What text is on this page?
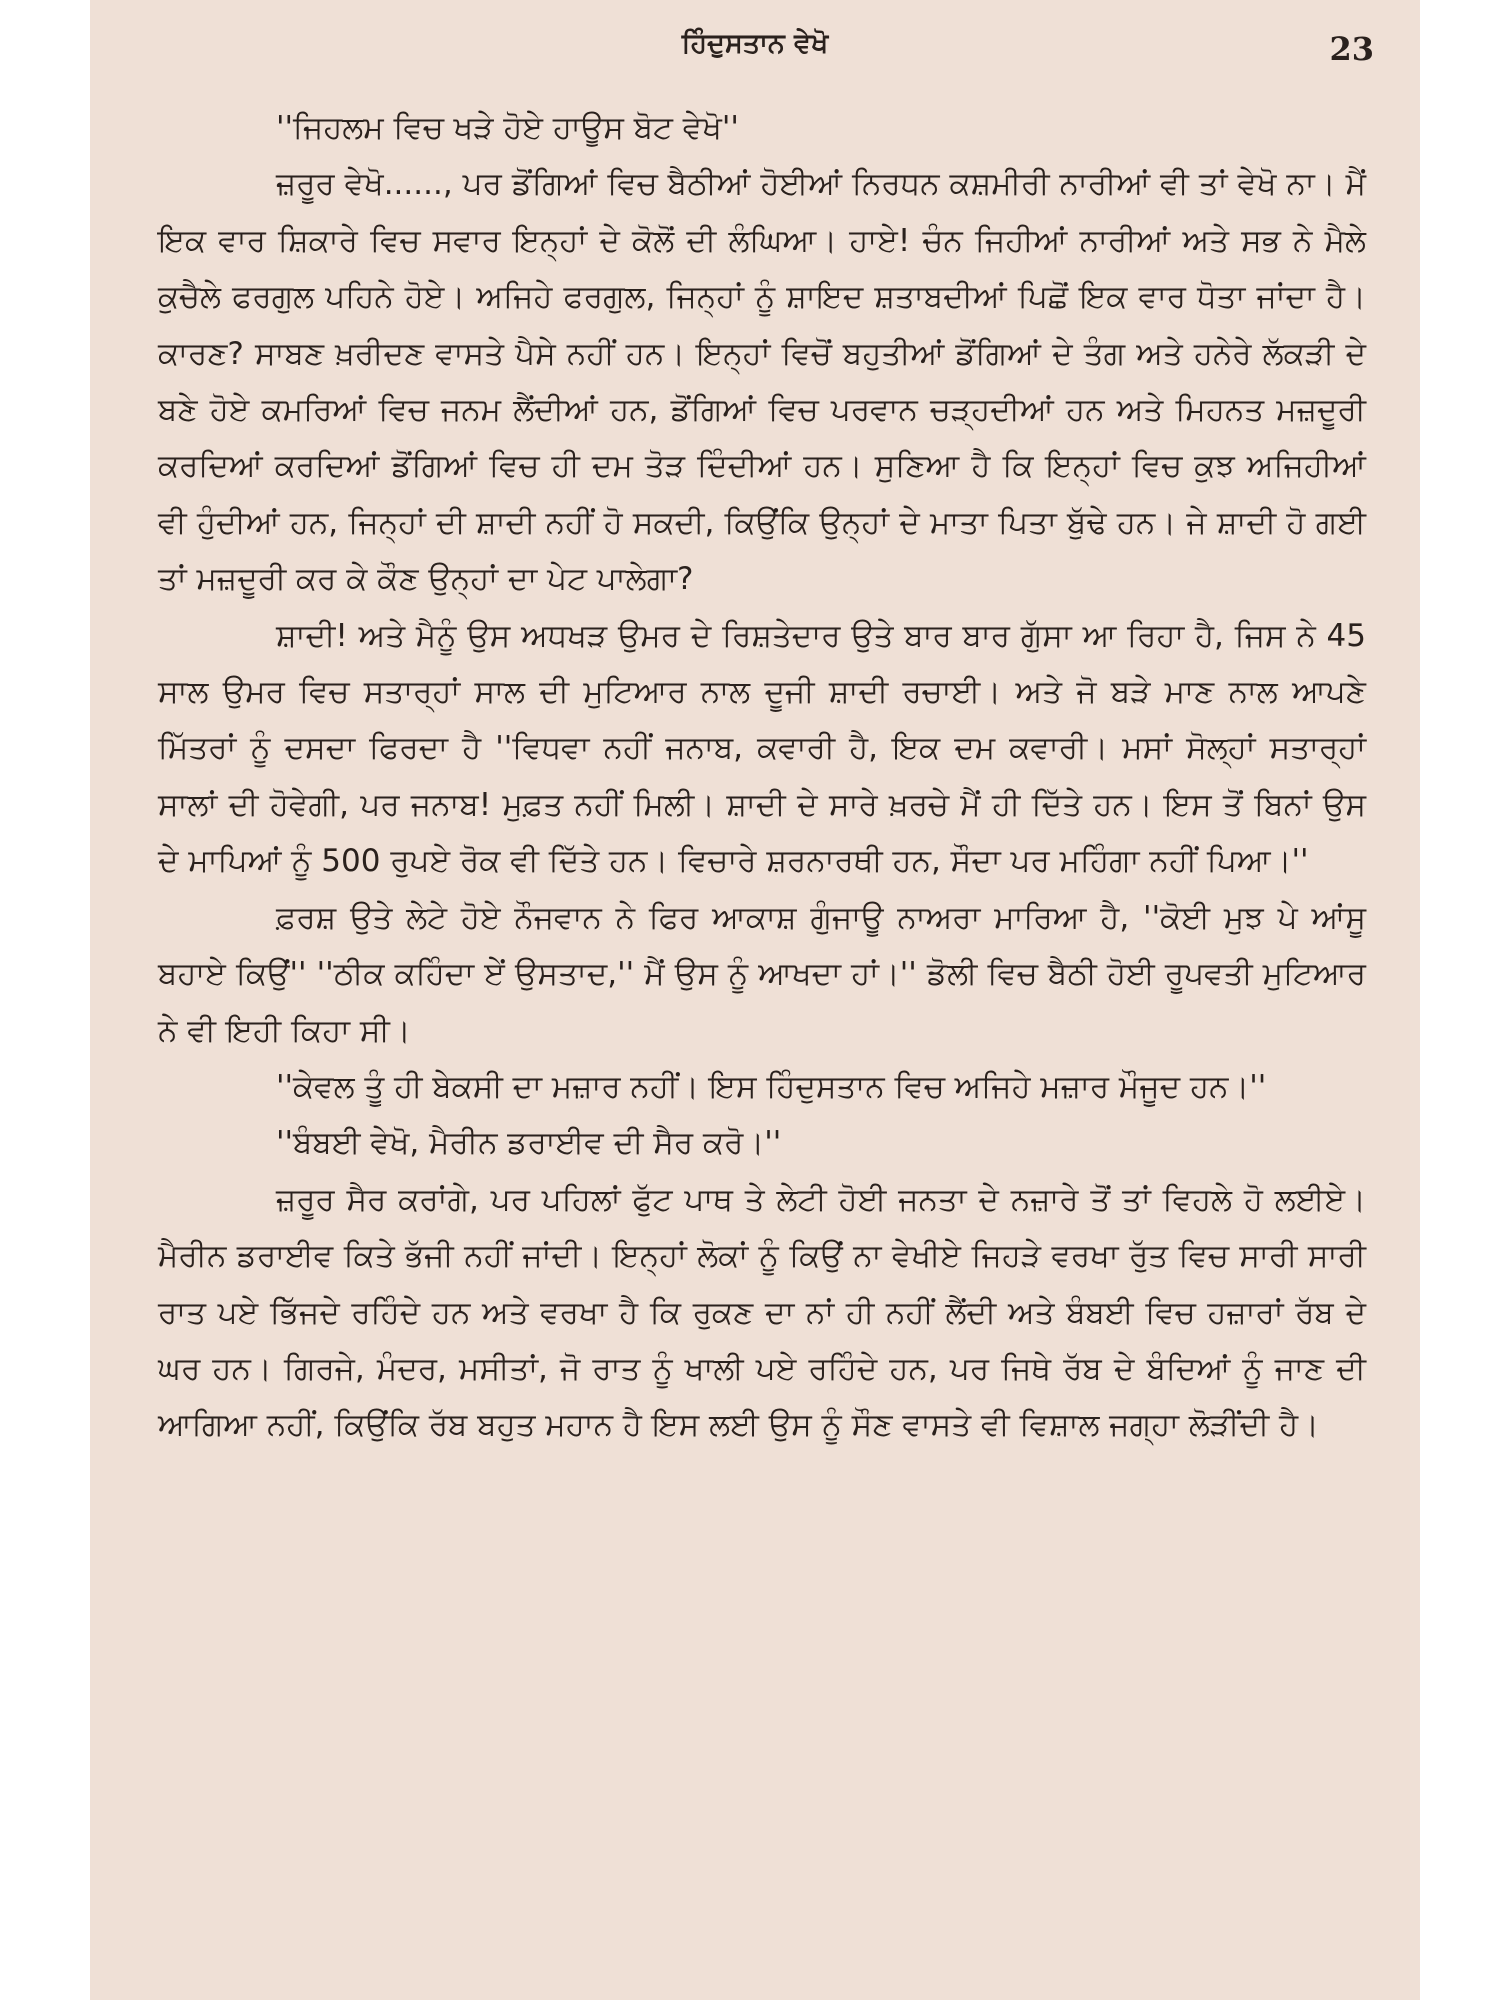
ਹਿੰਦੁਸਤਾਨ ਵੇਖੋ	23

''ਜਿਹਲਮ ਵਿਚ ਖੜੇ ਹੋਏ ਹਾਊਸ ਬੋਟ ਵੇਖੋ''

ਜ਼ਰੂਰ ਵੇਖੋ......, ਪਰ ਡੋਂਗਿਆਂ ਵਿਚ ਬੈਠੀਆਂ ਹੋਈਆਂ ਨਿਰਧਨ ਕਸ਼ਮੀਰੀ ਨਾਰੀਆਂ ਵੀ ਤਾਂ ਵੇਖੋ ਨਾ। ਮੈਂ ਇਕ ਵਾਰ ਸ਼ਿਕਾਰੇ ਵਿਚ ਸਵਾਰ ਇਨ੍ਹਾਂ ਦੇ ਕੋਲੋਂ ਦੀ ਲੰਘਿਆ। ਹਾਏ! ਚੰਨ ਜਿਹੀਆਂ ਨਾਰੀਆਂ ਅਤੇ ਸਭ ਨੇ ਮੈਲੇ ਕੁਚੈਲੇ ਫਰਗੁਲ ਪਹਿਨੇ ਹੋਏ। ਅਜਿਹੇ ਫਰਗੁਲ, ਜਿਨ੍ਹਾਂ ਨੂੰ ਸ਼ਾਇਦ ਸ਼ਤਾਬਦੀਆਂ ਪਿਛੋਂ ਇਕ ਵਾਰ ਧੋਤਾ ਜਾਂਦਾ ਹੈ। ਕਾਰਣ? ਸਾਬਣ ਖ਼ਰੀਦਣ ਵਾਸਤੇ ਪੈਸੇ ਨਹੀਂ ਹਨ। ਇਨ੍ਹਾਂ ਵਿਚੋਂ ਬਹੁਤੀਆਂ ਡੋਂਗਿਆਂ ਦੇ ਤੰਗ ਅਤੇ ਹਨੇਰੇ ਲੱਕੜੀ ਦੇ ਬਣੇ ਹੋਏ ਕਮਰਿਆਂ ਵਿਚ ਜਨਮ ਲੈਂਦੀਆਂ ਹਨ, ਡੋਂਗਿਆਂ ਵਿਚ ਪਰਵਾਨ ਚੜ੍ਹਦੀਆਂ ਹਨ ਅਤੇ ਮਿਹਨਤ ਮਜ਼ਦੂਰੀ ਕਰਦਿਆਂ ਕਰਦਿਆਂ ਡੋਂਗਿਆਂ ਵਿਚ ਹੀ ਦਮ ਤੋੜ ਦਿੰਦੀਆਂ ਹਨ। ਸੁਣਿਆ ਹੈ ਕਿ ਇਨ੍ਹਾਂ ਵਿਚ ਕੁਝ ਅਜਿਹੀਆਂ ਵੀ ਹੁੰਦੀਆਂ ਹਨ, ਜਿਨ੍ਹਾਂ ਦੀ ਸ਼ਾਦੀ ਨਹੀਂ ਹੋ ਸਕਦੀ, ਕਿਉਂਕਿ ਉਨ੍ਹਾਂ ਦੇ ਮਾਤਾ ਪਿਤਾ ਬੁੱਢੇ ਹਨ। ਜੇ ਸ਼ਾਦੀ ਹੋ ਗਈ ਤਾਂ ਮਜ਼ਦੂਰੀ ਕਰ ਕੇ ਕੌਣ ਉਨ੍ਹਾਂ ਦਾ ਪੇਟ ਪਾਲੇਗਾ?

ਸ਼ਾਦੀ! ਅਤੇ ਮੈਨੂੰ ਉਸ ਅਧਖੜ ਉਮਰ ਦੇ ਰਿਸ਼ਤੇਦਾਰ ਉਤੇ ਬਾਰ ਬਾਰ ਗੁੱਸਾ ਆ ਰਿਹਾ ਹੈ, ਜਿਸ ਨੇ 45 ਸਾਲ ਉਮਰ ਵਿਚ ਸਤਾਰ੍ਹਾਂ ਸਾਲ ਦੀ ਮੁਟਿਆਰ ਨਾਲ ਦੂਜੀ ਸ਼ਾਦੀ ਰਚਾਈ। ਅਤੇ ਜੋ ਬੜੇ ਮਾਣ ਨਾਲ ਆਪਣੇ ਮਿੱਤਰਾਂ ਨੂੰ ਦਸਦਾ ਫਿਰਦਾ ਹੈ ''ਵਿਧਵਾ ਨਹੀਂ ਜਨਾਬ, ਕਵਾਰੀ ਹੈ, ਇਕ ਦਮ ਕਵਾਰੀ। ਮਸਾਂ ਸੋਲ੍ਹਾਂ ਸਤਾਰ੍ਹਾਂ ਸਾਲਾਂ ਦੀ ਹੋਵੇਗੀ, ਪਰ ਜਨਾਬ! ਮੁਫ਼ਤ ਨਹੀਂ ਮਿਲੀ। ਸ਼ਾਦੀ ਦੇ ਸਾਰੇ ਖ਼ਰਚੇ ਮੈਂ ਹੀ ਦਿੱਤੇ ਹਨ। ਇਸ ਤੋਂ ਬਿਨਾਂ ਉਸ ਦੇ ਮਾਪਿਆਂ ਨੂੰ 500 ਰੁਪਏ ਰੋਕ ਵੀ ਦਿੱਤੇ ਹਨ। ਵਿਚਾਰੇ ਸ਼ਰਨਾਰਥੀ ਹਨ, ਸੌਦਾ ਪਰ ਮਹਿੰਗਾ ਨਹੀਂ ਪਿਆ।''

ਫ਼ਰਸ਼ ਉਤੇ ਲੇਟੇ ਹੋਏ ਨੌਜਵਾਨ ਨੇ ਫਿਰ ਆਕਾਸ਼ ਗੁੰਜਾਊ ਨਾਅਰਾ ਮਾਰਿਆ ਹੈ, ''ਕੋਈ ਮੁਝ ਪੇ ਆਂਸੂ ਬਹਾਏ ਕਿਉਂ'' ''ਠੀਕ ਕਹਿੰਦਾ ਏਂ ਉਸਤਾਦ,'' ਮੈਂ ਉਸ ਨੂੰ ਆਖਦਾ ਹਾਂ।'' ਡੋਲੀ ਵਿਚ ਬੈਠੀ ਹੋਈ ਰੂਪਵਤੀ ਮੁਟਿਆਰ ਨੇ ਵੀ ਇਹੀ ਕਿਹਾ ਸੀ।

''ਕੇਵਲ ਤੂੰ ਹੀ ਬੇਕਸੀ ਦਾ ਮਜ਼ਾਰ ਨਹੀਂ। ਇਸ ਹਿੰਦੁਸਤਾਨ ਵਿਚ ਅਜਿਹੇ ਮਜ਼ਾਰ ਮੌਜੂਦ ਹਨ।''

''ਬੰਬਈ ਵੇਖੋ, ਮੈਰੀਨ ਡਰਾਈਵ ਦੀ ਸੈਰ ਕਰੋ।''

ਜ਼ਰੂਰ ਸੈਰ ਕਰਾਂਗੇ, ਪਰ ਪਹਿਲਾਂ ਫੁੱਟ ਪਾਥ ਤੇ ਲੇਟੀ ਹੋਈ ਜਨਤਾ ਦੇ ਨਜ਼ਾਰੇ ਤੋਂ ਤਾਂ ਵਿਹਲੇ ਹੋ ਲਈਏ। ਮੈਰੀਨ ਡਰਾਈਵ ਕਿਤੇ ਭੱਜੀ ਨਹੀਂ ਜਾਂਦੀ। ਇਨ੍ਹਾਂ ਲੋਕਾਂ ਨੂੰ ਕਿਉਂ ਨਾ ਵੇਖੀਏ ਜਿਹੜੇ ਵਰਖਾ ਰੁੱਤ ਵਿਚ ਸਾਰੀ ਸਾਰੀ ਰਾਤ ਪਏ ਭਿੱਜਦੇ ਰਹਿੰਦੇ ਹਨ ਅਤੇ ਵਰਖਾ ਹੈ ਕਿ ਰੁਕਣ ਦਾ ਨਾਂ ਹੀ ਨਹੀਂ ਲੈਂਦੀ ਅਤੇ ਬੰਬਈ ਵਿਚ ਹਜ਼ਾਰਾਂ ਰੱਬ ਦੇ ਘਰ ਹਨ। ਗਿਰਜੇ, ਮੰਦਰ, ਮਸੀਤਾਂ, ਜੋ ਰਾਤ ਨੂੰ ਖਾਲੀ ਪਏ ਰਹਿੰਦੇ ਹਨ, ਪਰ ਜਿਥੇ ਰੱਬ ਦੇ ਬੰਦਿਆਂ ਨੂੰ ਜਾਣ ਦੀ ਆਗਿਆ ਨਹੀਂ, ਕਿਉਂਕਿ ਰੱਬ ਬਹੁਤ ਮਹਾਨ ਹੈ ਇਸ ਲਈ ਉਸ ਨੂੰ ਸੌਣ ਵਾਸਤੇ ਵੀ ਵਿਸ਼ਾਲ ਜਗ੍ਹਾ ਲੋੜੀਂਦੀ ਹੈ।
